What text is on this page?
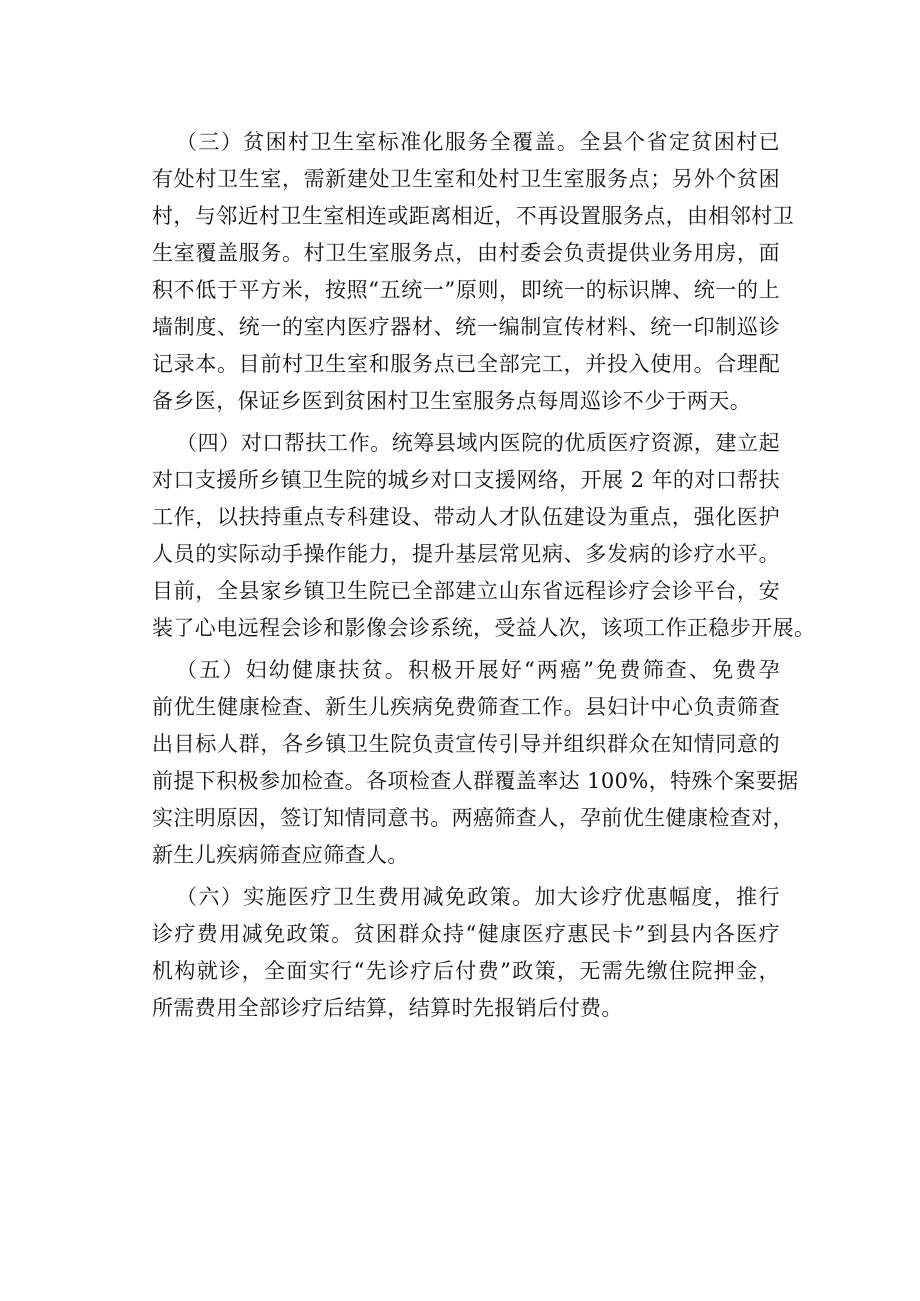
（三）贫困村卫生室标准化服务全覆盖。全县个省定贫困村已
有处村卫生室，需新建处卫生室和处村卫生室服务点；另外个贫困
村，与邻近村卫生室相连或距离相近，不再设置服务点，由相邻村卫
生室覆盖服务。村卫生室服务点，由村委会负责提供业务用房，面
积不低于平方米，按照“五统一”原则，即统一的标识牌、统一的上
墙制度、统一的室内医疗器材、统一编制宣传材料、统一印制巡诊
记录本。目前村卫生室和服务点已全部完工，并投入使用。合理配
备乡医，保证乡医到贫困村卫生室服务点每周巡诊不少于两天。
（四）对口帮扶工作。统筹县域内医院的优质医疗资源，建立起
对口支援所乡镇卫生院的城乡对口支援网络，开展 2 年的对口帮扶
工作，以扶持重点专科建设、带动人才队伍建设为重点，强化医护
人员的实际动手操作能力，提升基层常见病、多发病的诊疗水平。
目前，全县家乡镇卫生院已全部建立山东省远程诊疗会诊平台，安
装了心电远程会诊和影像会诊系统，受益人次，该项工作正稳步开展。
（五）妇幼健康扶贫。积极开展好“两癌”免费筛查、免费孕
前优生健康检查、新生儿疾病免费筛查工作。县妇计中心负责筛查
出目标人群，各乡镇卫生院负责宣传引导并组织群众在知情同意的
前提下积极参加检查。各项检查人群覆盖率达 100%，特殊个案要据
实注明原因，签订知情同意书。两癌筛查人，孕前优生健康检查对，
新生儿疾病筛查应筛查人。
（六）实施医疗卫生费用减免政策。加大诊疗优惠幅度，推行
诊疗费用减免政策。贫困群众持“健康医疗惠民卡”到县内各医疗
机构就诊，全面实行“先诊疗后付费”政策，无需先缴住院押金，
所需费用全部诊疗后结算，结算时先报销后付费。
